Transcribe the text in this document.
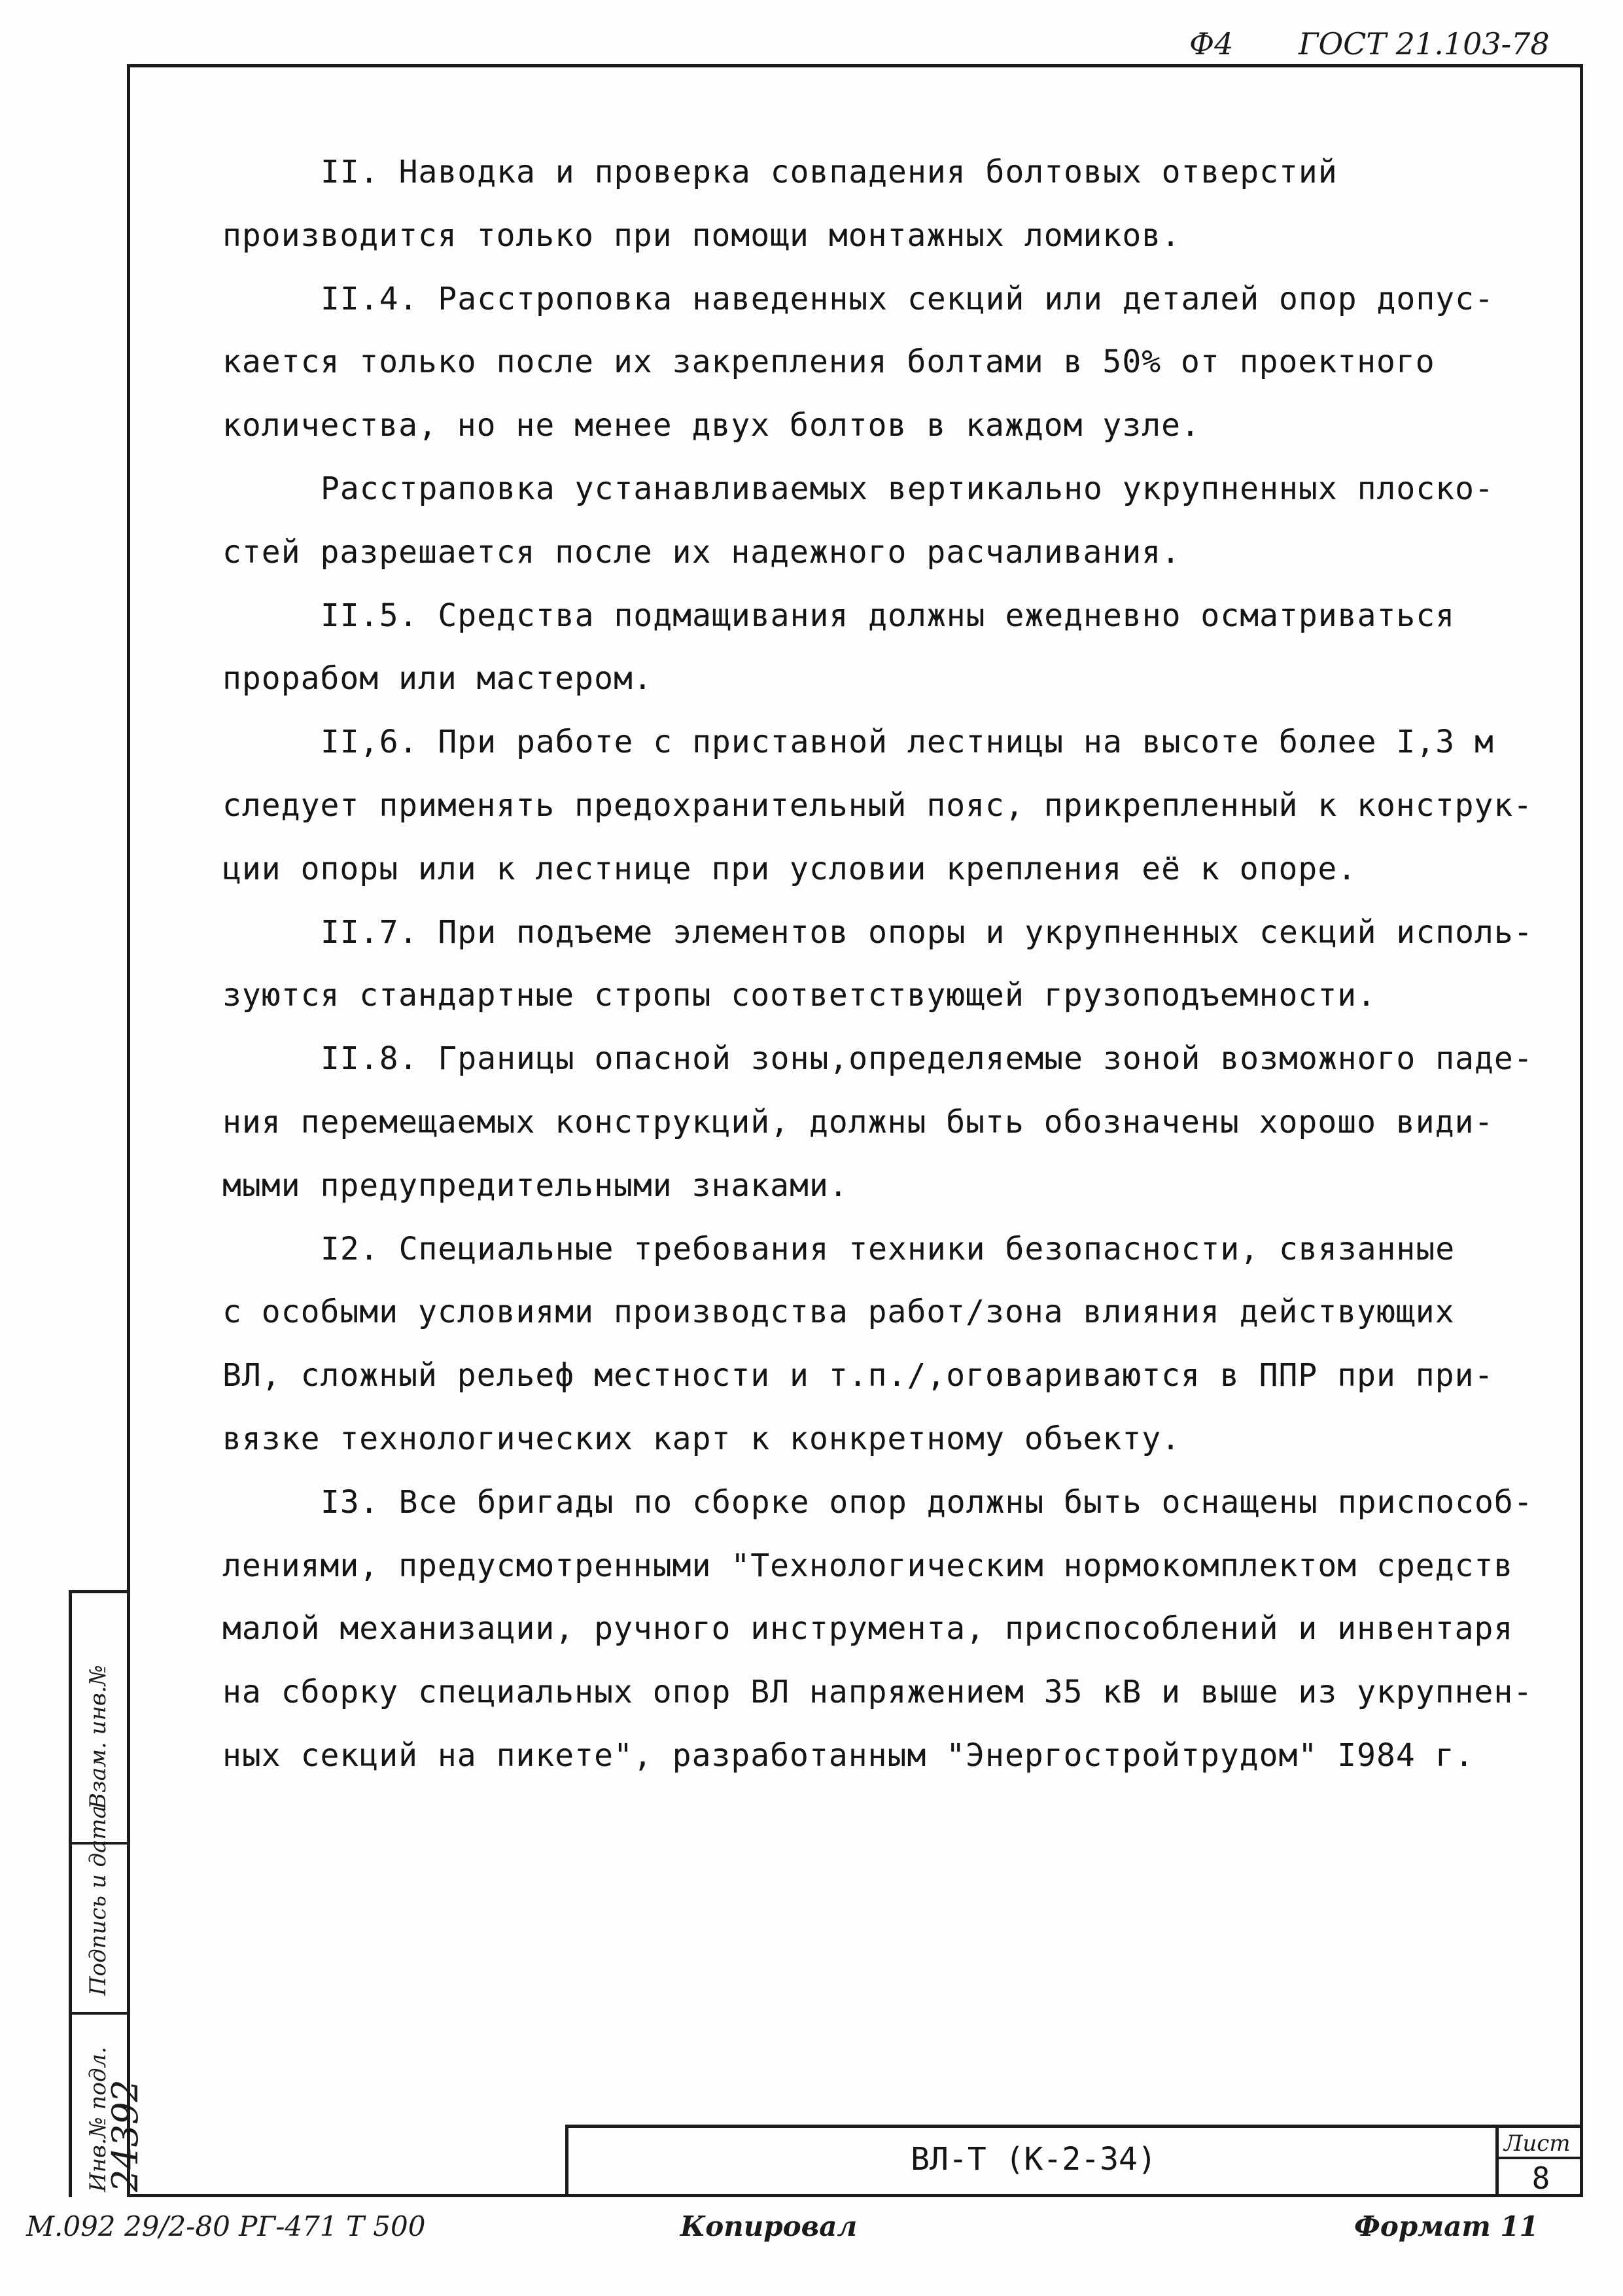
Ф4 ГОСТ 21.103-78

II. Наводка и проверка совпадения болтовых отверстий

производится только при помощи монтажных ломиков.

II.4. Расстроповка наведенных секций или деталей опор допус-

кается только после их закрепления болтами в 50% от проектного

количества, но не менее двух болтов в каждом узле.

Расстраповка устанавливаемых вертикально укрупненных плоско-

стей разрешается после их надежного расчаливания.

II.5. Средства подмащивания должны ежедневно осматриваться

прорабом или мастером.

II,6. При работе с приставной лестницы на высоте более I,3 м

следует применять предохранительный пояс, прикрепленный к конструк-

ции опоры или к лестнице при условии крепления её к опоре.

II.7. При подъеме элементов опоры и укрупненных секций исполь-

зуются стандартные стропы соответствующей грузоподъемности.

II.8. Границы опасной зоны,определяемые зоной возможного паде-

ния перемещаемых конструкций, должны быть обозначены хорошо види-

мыми предупредительными знаками.

I2. Специальные требования техники безопасности, связанные

с особыми условиями производства работ/зона влияния действующих

ВЛ, сложный рельеф местности и т.п./,оговариваются в ППР при при-

вязке технологических карт к конкретному объекту.

I3. Все бригады по сборке опор должны быть оснащены приспособ-

лениями, предусмотренными "Технологическим нормокомплектом средств

малой механизации, ручного инструмента, приспособлений и инвентаря

на сборку специальных опор ВЛ напряжением 35 кВ и выше из укрупнен-

ных секций на пикете", разработанным "Энергостройтрудом" I984 г.

Взам. инв.№
Подпись и дата
Инв.№ подл.
24392	ВЛ-Т (К-2-34)	Лист
8
М.092 29/2-80 РГ-471 Т 500	Копировал	Формат 11
